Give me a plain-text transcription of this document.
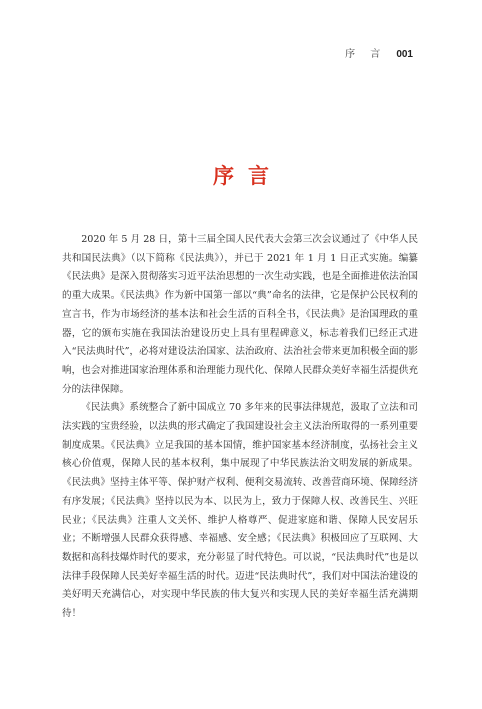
序 言 001
序言

2020 年 5 月 28 日，第十三届全国人民代表大会第三次会议通过了《中华人民共和国民法典》（以下简称《民法典》），并已于 2021 年 1 月 1 日正式实施。编纂《民法典》是深入贯彻落实习近平法治思想的一次生动实践，也是全面推进依法治国的重大成果。《民法典》作为新中国第一部以“典”命名的法律，它是保护公民权利的宣言书，作为市场经济的基本法和社会生活的百科全书，《民法典》是治国理政的重器，它的颁布实施在我国法治建设历史上具有里程碑意义，标志着我们已经正式进入“民法典时代”，必将对建设法治国家、法治政府、法治社会带来更加积极全面的影响，也会对推进国家治理体系和治理能力现代化、保障人民群众美好幸福生活提供充分的法律保障。

《民法典》系统整合了新中国成立 70 多年来的民事法律规范，汲取了立法和司法实践的宝贵经验，以法典的形式确定了我国建设社会主义法治所取得的一系列重要制度成果。《民法典》立足我国的基本国情，维护国家基本经济制度，弘扬社会主义核心价值观，保障人民的基本权利，集中展现了中华民族法治文明发展的新成果。《民法典》坚持主体平等、保护财产权利、便利交易流转、改善营商环境、保障经济有序发展；《民法典》坚持以民为本、以民为上，致力于保障人权、改善民生、兴旺民业；《民法典》注重人文关怀、维护人格尊严、促进家庭和谐、保障人民安居乐业；不断增强人民群众获得感、幸福感、安全感；《民法典》积极回应了互联网、大数据和高科技爆炸时代的要求，充分彰显了时代特色。可以说，“民法典时代”也是以法律手段保障人民美好幸福生活的时代。迈进“民法典时代”，我们对中国法治建设的美好明天充满信心，对实现中华民族的伟大复兴和实现人民的美好幸福生活充满期待！
